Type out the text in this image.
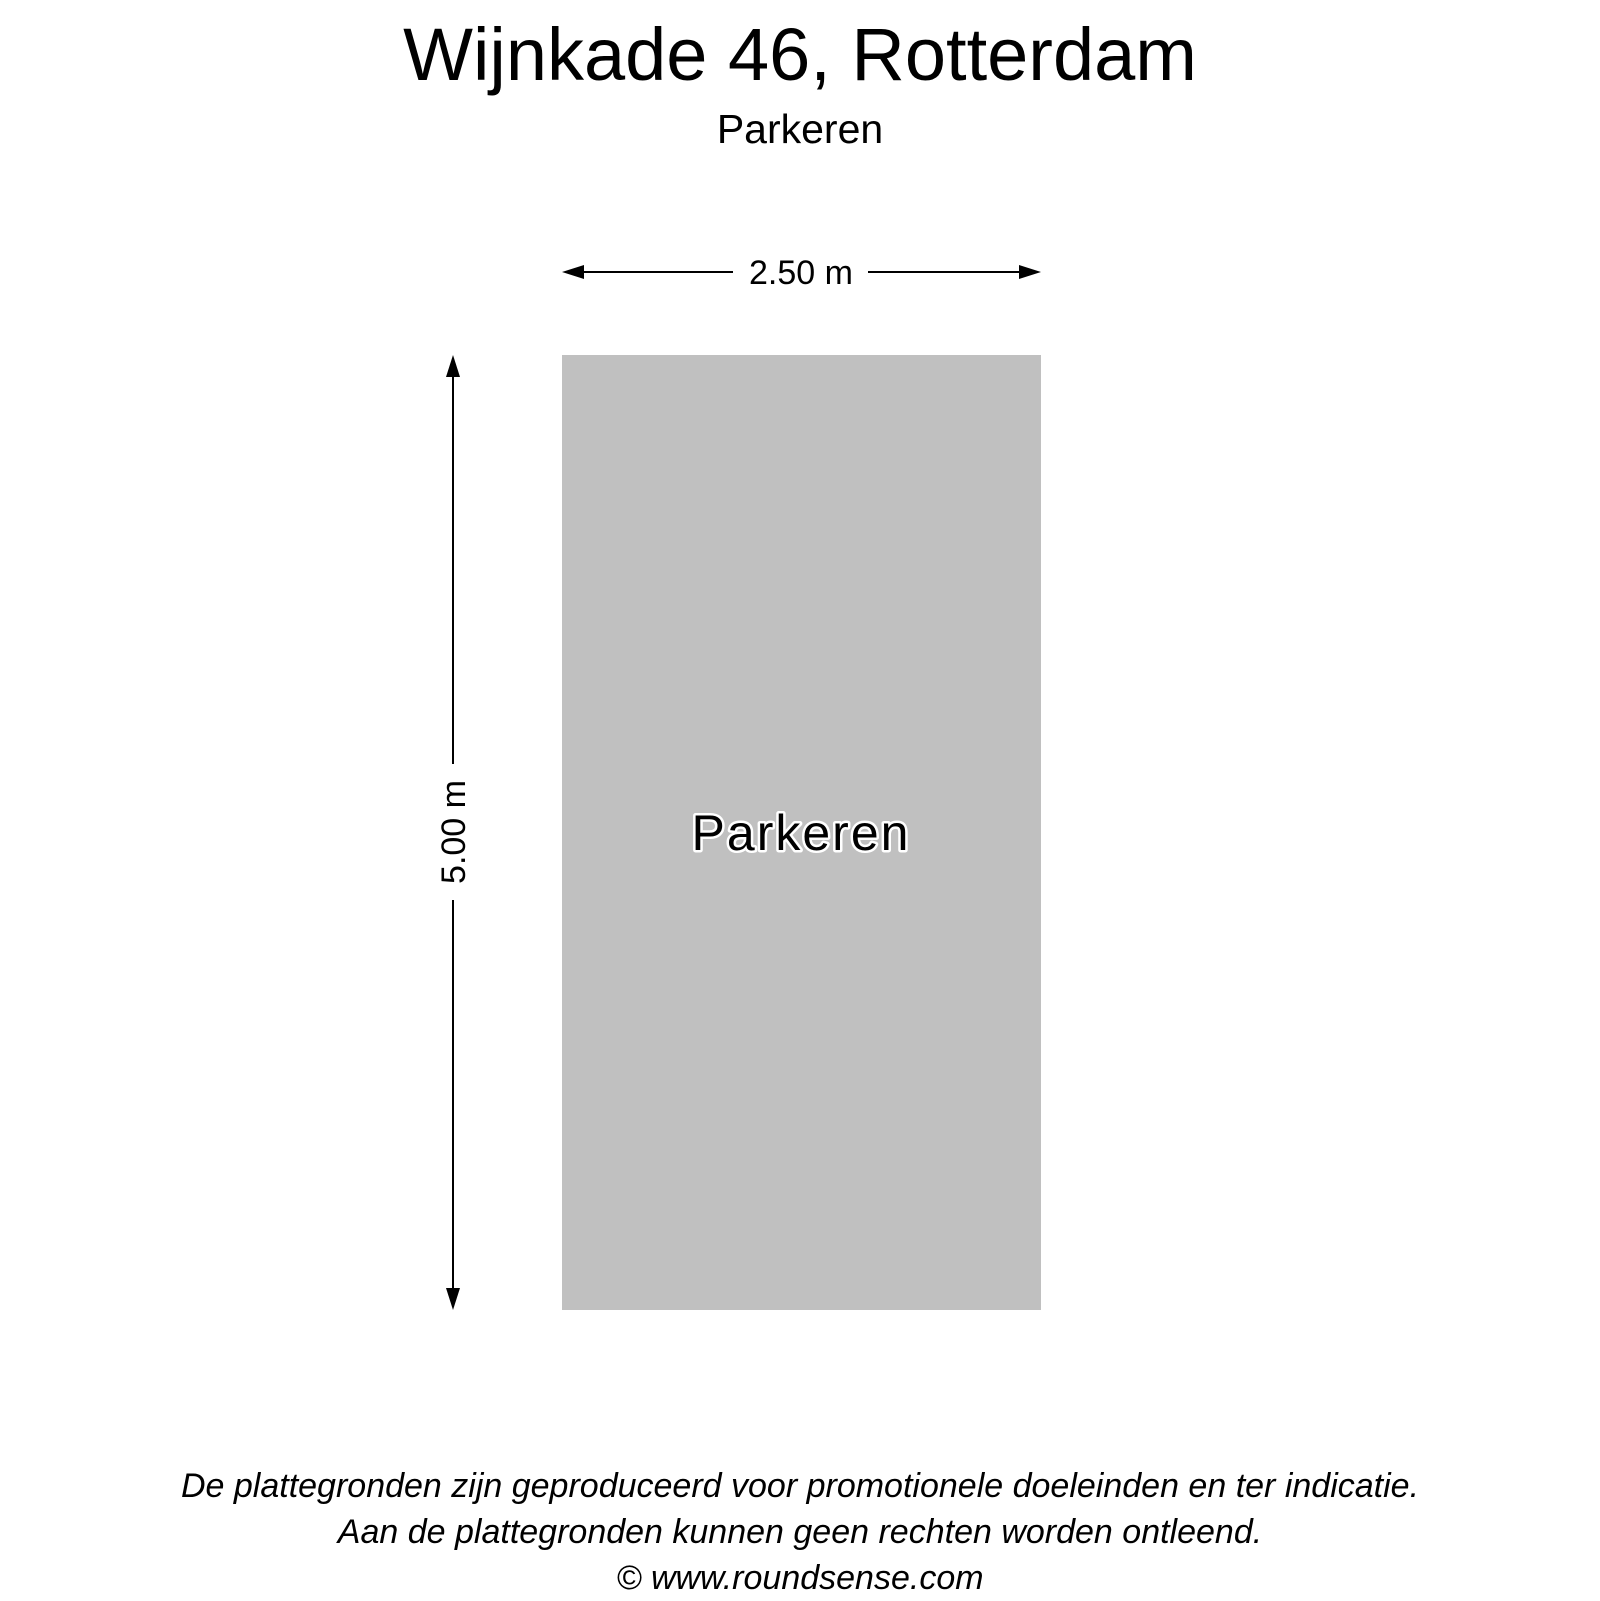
Wijnkade 46, Rotterdam
Parkeren
Parkeren
2.50 m
5.00 m
De plattegronden zijn geproduceerd voor promotionele doeleinden en ter indicatie.
Aan de plattegronden kunnen geen rechten worden ontleend.
© www.roundsense.com
